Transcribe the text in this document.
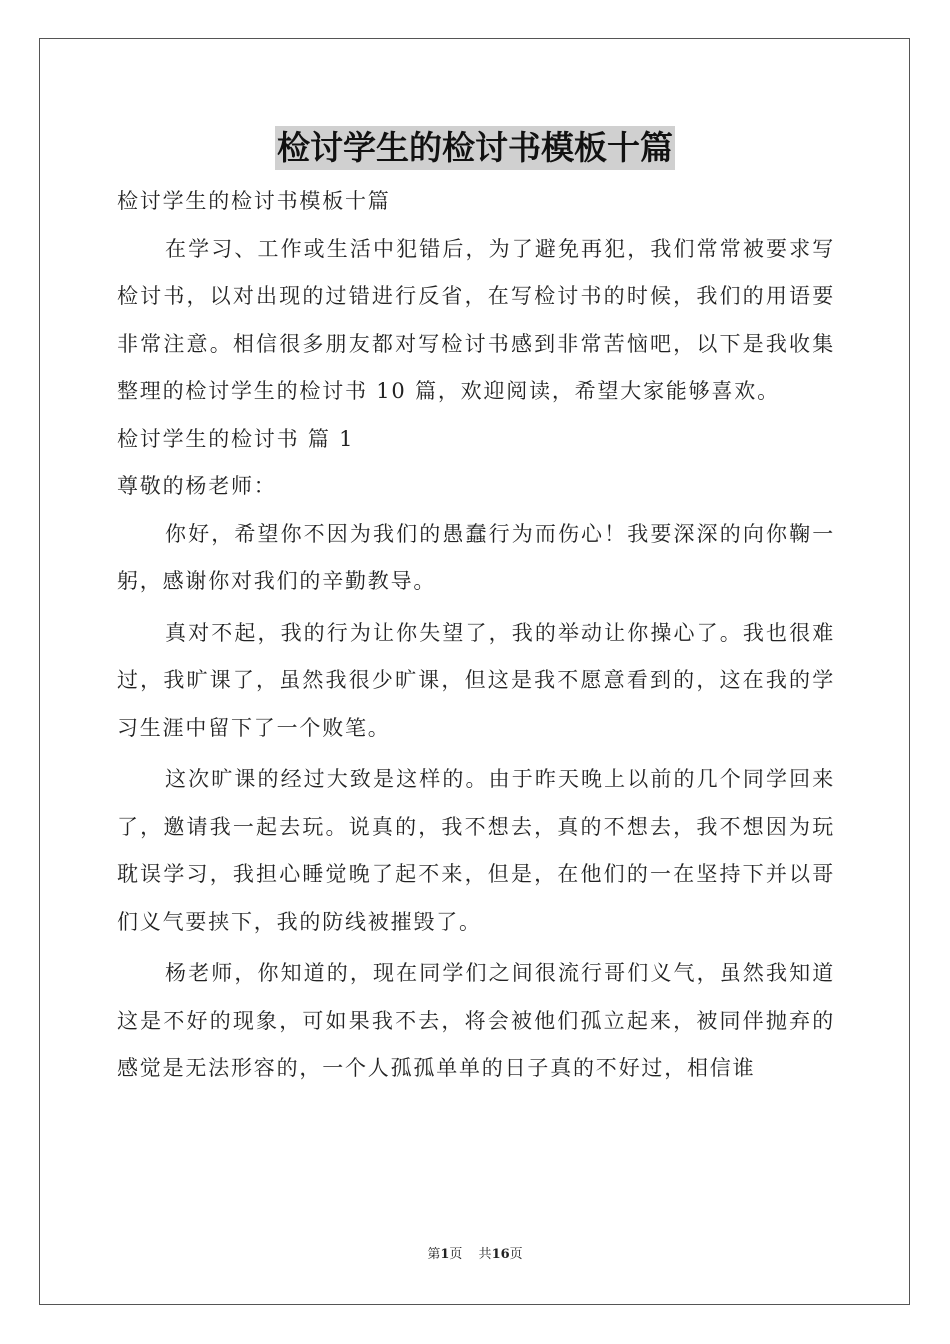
检讨学生的检讨书模板十篇

检讨学生的检讨书模板十篇

在学习、工作或生活中犯错后，为了避免再犯，我们常常被要求写检讨书，以对出现的过错进行反省，在写检讨书的时候，我们的用语要非常注意。相信很多朋友都对写检讨书感到非常苦恼吧，以下是我收集整理的检讨学生的检讨书 10 篇，欢迎阅读，希望大家能够喜欢。

检讨学生的检讨书 篇 1

尊敬的杨老师：

你好，希望你不因为我们的愚蠢行为而伤心！我要深深的向你鞠一躬，感谢你对我们的辛勤教导。

真对不起，我的行为让你失望了，我的举动让你操心了。我也很难过，我旷课了，虽然我很少旷课，但这是我不愿意看到的，这在我的学习生涯中留下了一个败笔。

这次旷课的经过大致是这样的。由于昨天晚上以前的几个同学回来了，邀请我一起去玩。说真的，我不想去，真的不想去，我不想因为玩耽误学习，我担心睡觉晚了起不来，但是，在他们的一在坚持下并以哥们义气要挟下，我的防线被摧毁了。

杨老师，你知道的，现在同学们之间很流行哥们义气，虽然我知道这是不好的现象，可如果我不去，将会被他们孤立起来，被同伴抛弃的感觉是无法形容的，一个人孤孤单单的日子真的不好过，相信谁

第1页 共16页
